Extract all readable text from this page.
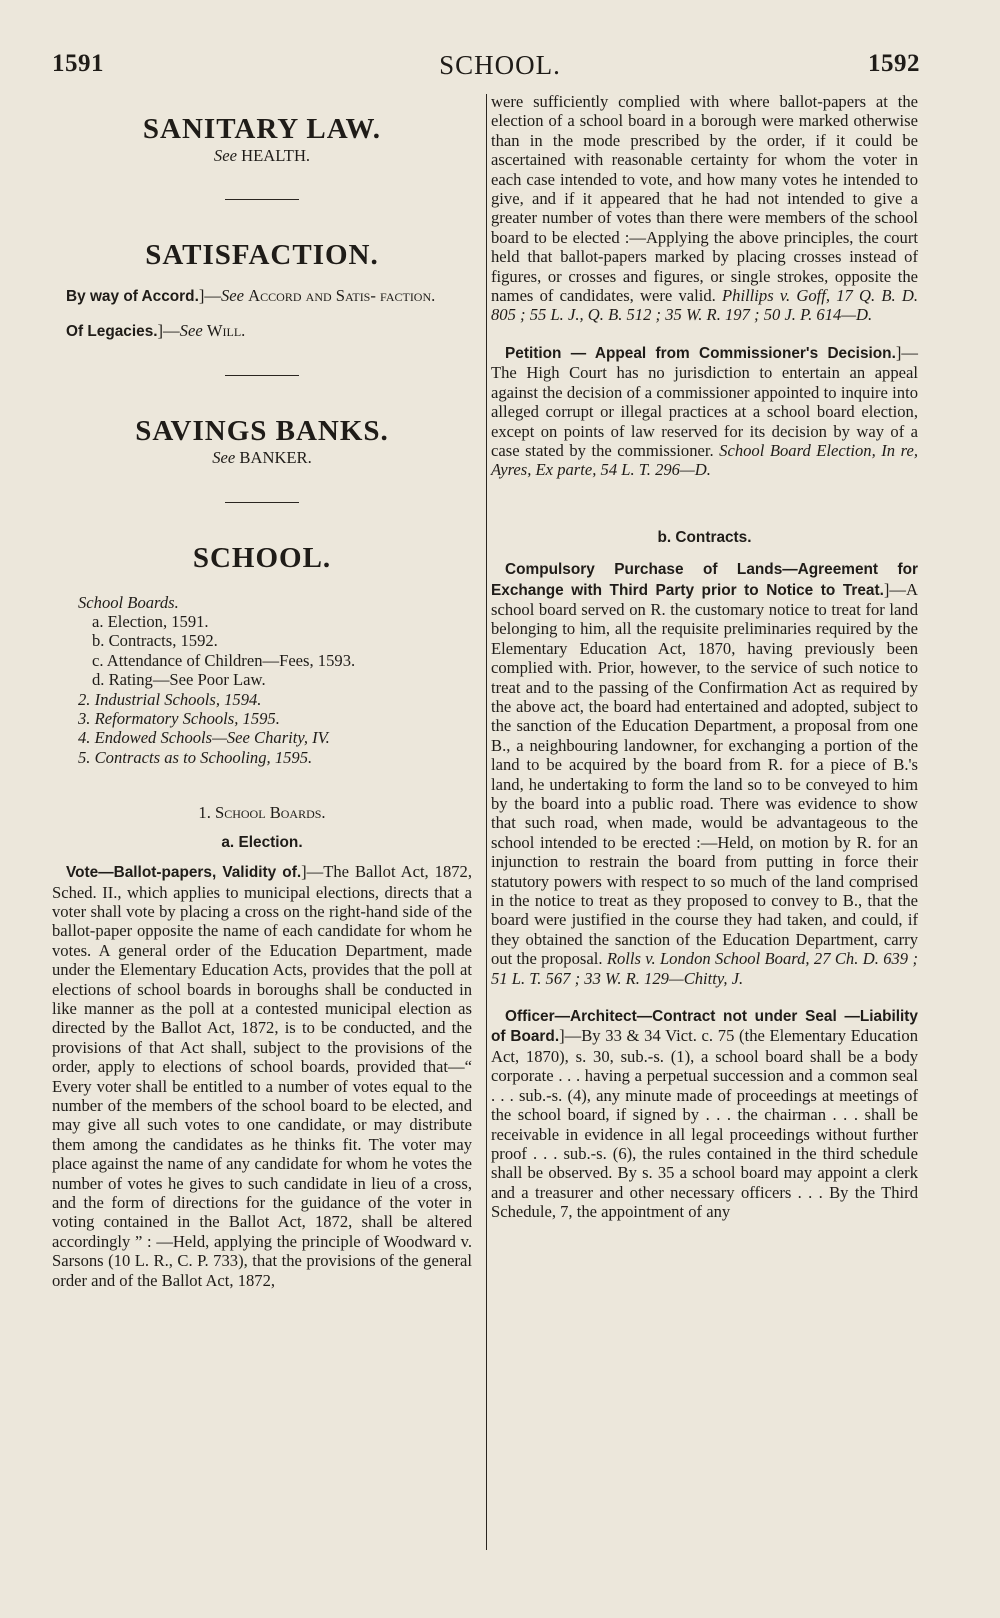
1591	SCHOOL.	1592

SANITARY LAW.

See HEALTH.

SATISFACTION.

By way of Accord.]—See Accord and Satis- faction.

Of Legacies.]—See Will.

SAVINGS BANKS.

See BANKER.

SCHOOL.

School Boards.
a. Election, 1591.
b. Contracts, 1592.
c. Attendance of Children—Fees, 1593.
d. Rating—See Poor Law.
2. Industrial Schools, 1594.
3. Reformatory Schools, 1595.
4. Endowed Schools—See Charity, IV.
5. Contracts as to Schooling, 1595.

1. School Boards.

a. Election.

Vote—Ballot-papers, Validity of.]—The Ballot Act, 1872, Sched. II., which applies to municipal elections, directs that a voter shall vote by placing a cross on the right-hand side of the ballot-paper opposite the name of each candidate for whom he votes. A general order of the Education Department, made under the Elementary Education Acts, provides that the poll at elections of school boards in boroughs shall be conducted in like manner as the poll at a contested municipal election as directed by the Ballot Act, 1872, is to be conducted, and the provisions of that Act shall, subject to the provisions of the order, apply to elections of school boards, provided that—“ Every voter shall be entitled to a number of votes equal to the number of the members of the school board to be elected, and may give all such votes to one candidate, or may distribute them among the candidates as he thinks fit. The voter may place against the name of any candidate for whom he votes the number of votes he gives to such candidate in lieu of a cross, and the form of directions for the guidance of the voter in voting contained in the Ballot Act, 1872, shall be altered accordingly ” : —Held, applying the principle of Woodward v. Sarsons (10 L. R., C. P. 733), that the provisions of the general order and of the Ballot Act, 1872,

were sufficiently complied with where ballot-papers at the election of a school board in a borough were marked otherwise than in the mode prescribed by the order, if it could be ascertained with reasonable certainty for whom the voter in each case intended to vote, and how many votes he intended to give, and if it appeared that he had not intended to give a greater number of votes than there were members of the school board to be elected :—Applying the above principles, the court held that ballot-papers marked by placing crosses instead of figures, or crosses and figures, or single strokes, opposite the names of candidates, were valid. Phillips v. Goff, 17 Q. B. D. 805 ; 55 L. J., Q. B. 512 ; 35 W. R. 197 ; 50 J. P. 614—D.

Petition — Appeal from Commissioner's Decision.]—The High Court has no jurisdiction to entertain an appeal against the decision of a commissioner appointed to inquire into alleged corrupt or illegal practices at a school board election, except on points of law reserved for its decision by way of a case stated by the commissioner. School Board Election, In re, Ayres, Ex parte, 54 L. T. 296—D.

b. Contracts.

Compulsory Purchase of Lands—Agreement for Exchange with Third Party prior to Notice to Treat.]—A school board served on R. the customary notice to treat for land belonging to him, all the requisite preliminaries required by the Elementary Education Act, 1870, having previously been complied with. Prior, however, to the service of such notice to treat and to the passing of the Confirmation Act as required by the above act, the board had entertained and adopted, subject to the sanction of the Education Department, a proposal from one B., a neighbouring landowner, for exchanging a portion of the land to be acquired by the board from R. for a piece of B.'s land, he undertaking to form the land so to be conveyed to him by the board into a public road. There was evidence to show that such road, when made, would be advantageous to the school intended to be erected :—Held, on motion by R. for an injunction to restrain the board from putting in force their statutory powers with respect to so much of the land comprised in the notice to treat as they proposed to convey to B., that the board were justified in the course they had taken, and could, if they obtained the sanction of the Education Department, carry out the proposal. Rolls v. London School Board, 27 Ch. D. 639 ; 51 L. T. 567 ; 33 W. R. 129—Chitty, J.

Officer—Architect—Contract not under Seal —Liability of Board.]—By 33 & 34 Vict. c. 75 (the Elementary Education Act, 1870), s. 30, sub.-s. (1), a school board shall be a body corporate . . . having a perpetual succession and a common seal . . . sub.-s. (4), any minute made of proceedings at meetings of the school board, if signed by . . . the chairman . . . shall be receivable in evidence in all legal proceedings without further proof . . . sub.-s. (6), the rules contained in the third schedule shall be observed. By s. 35 a school board may appoint a clerk and a treasurer and other necessary officers . . . By the Third Schedule, 7, the appointment of any
